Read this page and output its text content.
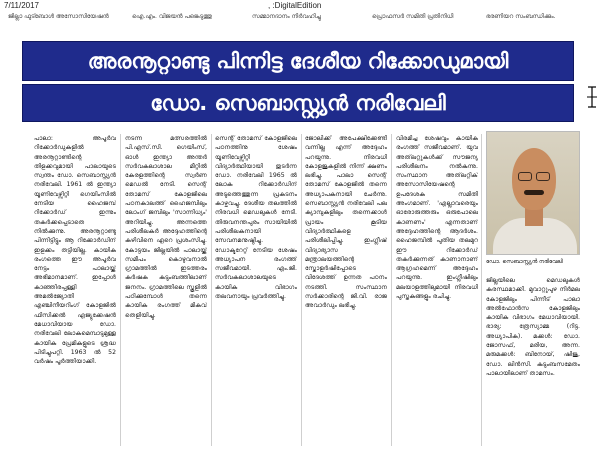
7/11/2017	, :DigitalEdition
ജില്ലാ ഫുട്ബോൾ അസോസിയേഷൻ	ഐ.എം. വിജയൻ പങ്കെടുത്തു	സമ്മാനദാനം നിർവഹിച്ചു	പ്രൊഫസർ സമിതി പ്രതിനിധി	ഭരണിയറ സംബന്ധിക്കും.
അരനൂറ്റാണ്ടു പിന്നിട്ട ദേശീയ റിക്കോഡുമായി
ഡോ. സെബാസ്റ്റ്യൻ നരിവേലി
പാലാ: അപൂർവ റിക്കോർഡുകളിൽ അരനൂറ്റാണ്ടിന്റെ തിളക്കവുമായി പാലായുടെ സ്വന്തം ഡോ. സെബാസ്റ്റ്യൻ നരിവേലി. 1961 ൽ ഇന്ത്യാ യൂണിവേഴ്സിറ്റി ഗെയിംസിൽ നേടിയ ഹൈജമ്പ് റിക്കോർഡ് ഇന്നും തകർക്കപ്പെടാതെ നിൽക്കുന്നു. അരനൂറ്റാണ്ടു പിന്നിട്ടിട്ടും ആ റിക്കോർഡിന് ഇളക്കം തട്ടിയില്ല. കായിക രംഗത്തെ ഈ അപൂർവ നേട്ടം പാലായ്ക്ക് അഭിമാനമാണ്. ഇപ്പോൾ കാഞ്ഞിരപ്പള്ളി അമൽജ്യോതി എഞ്ചിനീയറിംഗ് കോളജിൽ ഫിസിക്കൽ എജ്യുക്കേഷൻ മേധാവിയായ ഡോ. നരിവേലി ലോകമെമ്പാടുമുള്ള കായിക പ്രേമികളുടെ ശ്രദ്ധ പിടിച്ചുപറ്റി. 1963 ൽ 52 വർഷം പൂർത്തിയാക്കി.
നടന്ന മത്സരത്തിൽ പി.എസ്.സി. ഗെയിംസ്, ഓൾ ഇന്ത്യാ അന്തർ സർവകലാശാല മീറ്റിൽ കേരളത്തിന്റെ സ്വർണ മെഡൽ നേടി. സെന്റ് തോമസ് കോളജിലെ പഠനകാലത്ത് ഹൈജമ്പിലും ലോംഗ് ജമ്പിലും 'സാന്നിധ്യം' അറിയിച്ചു. അന്നത്തെ പരിശീലകർ അദ്ദേഹത്തിന്റെ കഴിവിനെ ഏറെ പ്രശംസിച്ചു. കോട്ടയം ജില്ലയിൽ പാലായ്ക്ക് സമീപം കൊഴുവനാൽ ഗ്രാമത്തിൽ ഇടത്തരം കർഷക കുടുംബത്തിലാണ് ജനനം. ഗ്രാമത്തിലെ സ്കൂളിൽ പഠിക്കുമ്പോൾ തന്നെ കായിക രംഗത്ത് മികവ് തെളിയിച്ചു.
സെന്റ് തോമസ് കോളജിലെ പഠനത്തിനു ശേഷം യൂണിവേഴ്സിറ്റി വിദ്യാർത്ഥിയായി തുടർന്ന ഡോ. നരിവേലി 1965 ൽ ലോക റിക്കോർഡിന് അടുത്തെത്തുന്ന പ്രകടനം കാഴ്ചവച്ചു. ദേശീയ തലത്തിൽ നിരവധി മെഡലുകൾ നേടി. തിരുവനന്തപുരം സായിയിൽ പരിശീലകനായി സേവനമനുഷ്ഠിച്ചു. ഡോക്ടറേറ്റ് നേടിയ ശേഷം അധ്യാപന രംഗത്ത് സജീവമായി. എം.ജി. സർവകലാശാലയുടെ കായിക വിഭാഗം തലവനായും പ്രവർത്തിച്ചു.
ജോലിക്ക് അപേക്ഷിക്കേണ്ടി വന്നില്ല എന്ന് അദ്ദേഹം പറയുന്നു. നിരവധി കോളജുകളിൽ നിന്ന് ക്ഷണം ലഭിച്ചു. പാലാ സെന്റ് തോമസ് കോളജിൽ തന്നെ അധ്യാപകനായി ചേർന്നു. സെബാസ്റ്റ്യൻ നരിവേലി പല ക്യാമ്പുകളിലും തന്നെക്കാൾ പ്രായം കൂടിയ വിദ്യാർത്ഥികളെ പരിശീലിപ്പിച്ചു. ഇംഗ്ലീഷ് വിദ്യാഭ്യാസ മന്ത്രാലയത്തിന്റെ സ്കോളർഷിപ്പോടെ വിദേശത്ത് ഉന്നത പഠനം നടത്തി. സംസ്ഥാന സർക്കാരിന്റെ ജി.വി. രാജ അവാർഡും ലഭിച്ചു.
വിരമിച്ച ശേഷവും കായിക രംഗത്ത് സജീവമാണ്. യുവ അത്‌ലറ്റുകൾക്ക് സൗജന്യ പരിശീലനം നൽകുന്നു. സംസ്ഥാന അത്‌ലറ്റിക് അസോസിയേഷന്റെ ഉപദേശക സമിതി അംഗമാണ്. 'എല്ലാവരെയും ഓരോരുത്തരും ഒരുപോലെ കാണണം' എന്നതാണ് അദ്ദേഹത്തിന്റെ ആദർശം. ഹൈജമ്പിൽ പുതിയ തലമുറ ഈ റിക്കോർഡ് തകർക്കുന്നത് കാണാനാണ് ആഗ്രഹമെന്ന് അദ്ദേഹം പറയുന്നു. ഇംഗ്ലീഷിലും മലയാളത്തിലുമായി നിരവധി പുസ്തകങ്ങളും രചിച്ചു.
ഡോ. സെബാസ്റ്റ്യൻ നരിവേലി
ജില്ലയിലെ മെഡലുകൾ കരസ്ഥമാക്കി. മുവാറ്റുപുഴ നിർമല കോളജിലും പിന്നീട് പാലാ അൽഫോൻസ കോളജിലും കായിക വിഭാഗം മേധാവിയായി. ഭാര്യ: ത്രേസ്യാമ്മ (റിട്ട. അധ്യാപിക). മക്കൾ: ഡോ. ജോസഫ്, മരിയ, അന്ന. മരുമക്കൾ: ബിനോയ്, ഷിജു, ഡോ. ലിൻസി. കുടുംബസമേതം പാലായിലാണ് താമസം.
